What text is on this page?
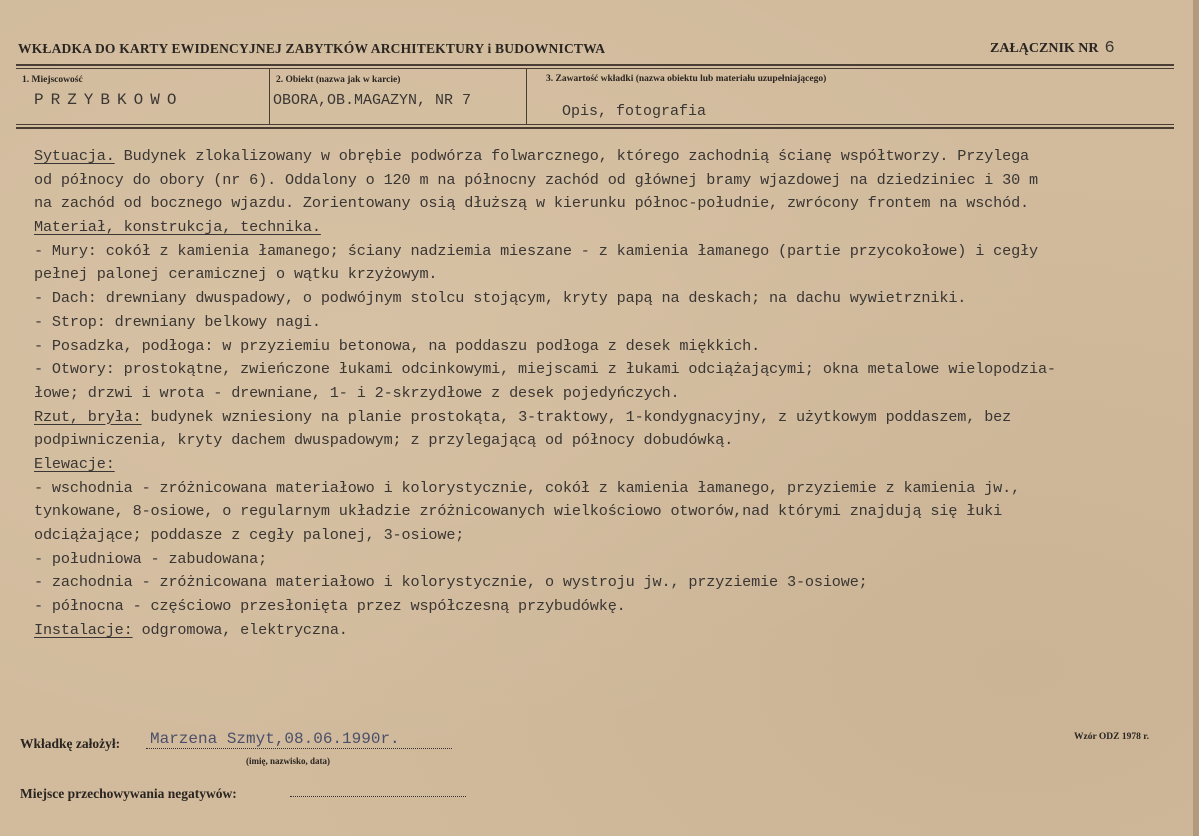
WKŁADKA DO KARTY EWIDENCYJNEJ ZABYTKÓW ARCHITEKTURY i BUDOWNICTWA	ZAŁĄCZNIK NR 6
1. Miejscowość
PRZYBKOWO
2. Obiekt (nazwa jak w karcie)
OBORA,OB.MAGAZYN, NR 7
3. Zawartość wkładki (nazwa obiektu lub materiału uzupełniającego)
Opis, fotografia
Sytuacja. Budynek zlokalizowany w obrębie podwórza folwarcznego, którego zachodnią ścianę współtworzy. Przylega
od północy do obory (nr 6). Oddalony o 120 m na północny zachód od głównej bramy wjazdowej na dziedziniec i 30 m
na zachód od bocznego wjazdu. Zorientowany osią dłuższą w kierunku północ-południe, zwrócony frontem na wschód.
Materiał, konstrukcja, technika.
- Mury: cokół z kamienia łamanego; ściany nadziemia mieszane - z kamienia łamanego (partie przycokołowe) i cegły
pełnej palonej ceramicznej o wątku krzyżowym.
- Dach: drewniany dwuspadowy, o podwójnym stolcu stojącym, kryty papą na deskach; na dachu wywietrzniki.
- Strop: drewniany belkowy nagi.
- Posadzka, podłoga: w przyziemiu betonowa, na poddaszu podłoga z desek miękkich.
- Otwory: prostokątne, zwieńczone łukami odcinkowymi, miejscami z łukami odciążającymi; okna metalowe wielopodzia-
łowe; drzwi i wrota - drewniane, 1- i 2-skrzydłowe z desek pojedyńczych.
Rzut, bryła: budynek wzniesiony na planie prostokąta, 3-traktowy, 1-kondygnacyjny, z użytkowym poddaszem, bez
podpiwniczenia, kryty dachem dwuspadowym; z przylegającą od północy dobudówką.
Elewacje:
- wschodnia - zróżnicowana materiałowo i kolorystycznie, cokół z kamienia łamanego, przyziemie z kamienia jw.,
tynkowane, 8-osiowe, o regularnym układzie zróżnicowanych wielkościowo otworów,nad którymi znajdują się łuki
odciążające; poddasze z cegły palonej, 3-osiowe;
- południowa - zabudowana;
- zachodnia - zróżnicowana materiałowo i kolorystycznie, o wystroju jw., przyziemie 3-osiowe;
- północna - częściowo przesłonięta przez współczesną przybudówkę.
Instalacje: odgromowa, elektryczna.
Wkładkę założył: Marzena Szmyt,08.06.1990r.
(imię, nazwisko, data)
Wzór ODZ 1978 r.
Miejsce przechowywania negatywów:
